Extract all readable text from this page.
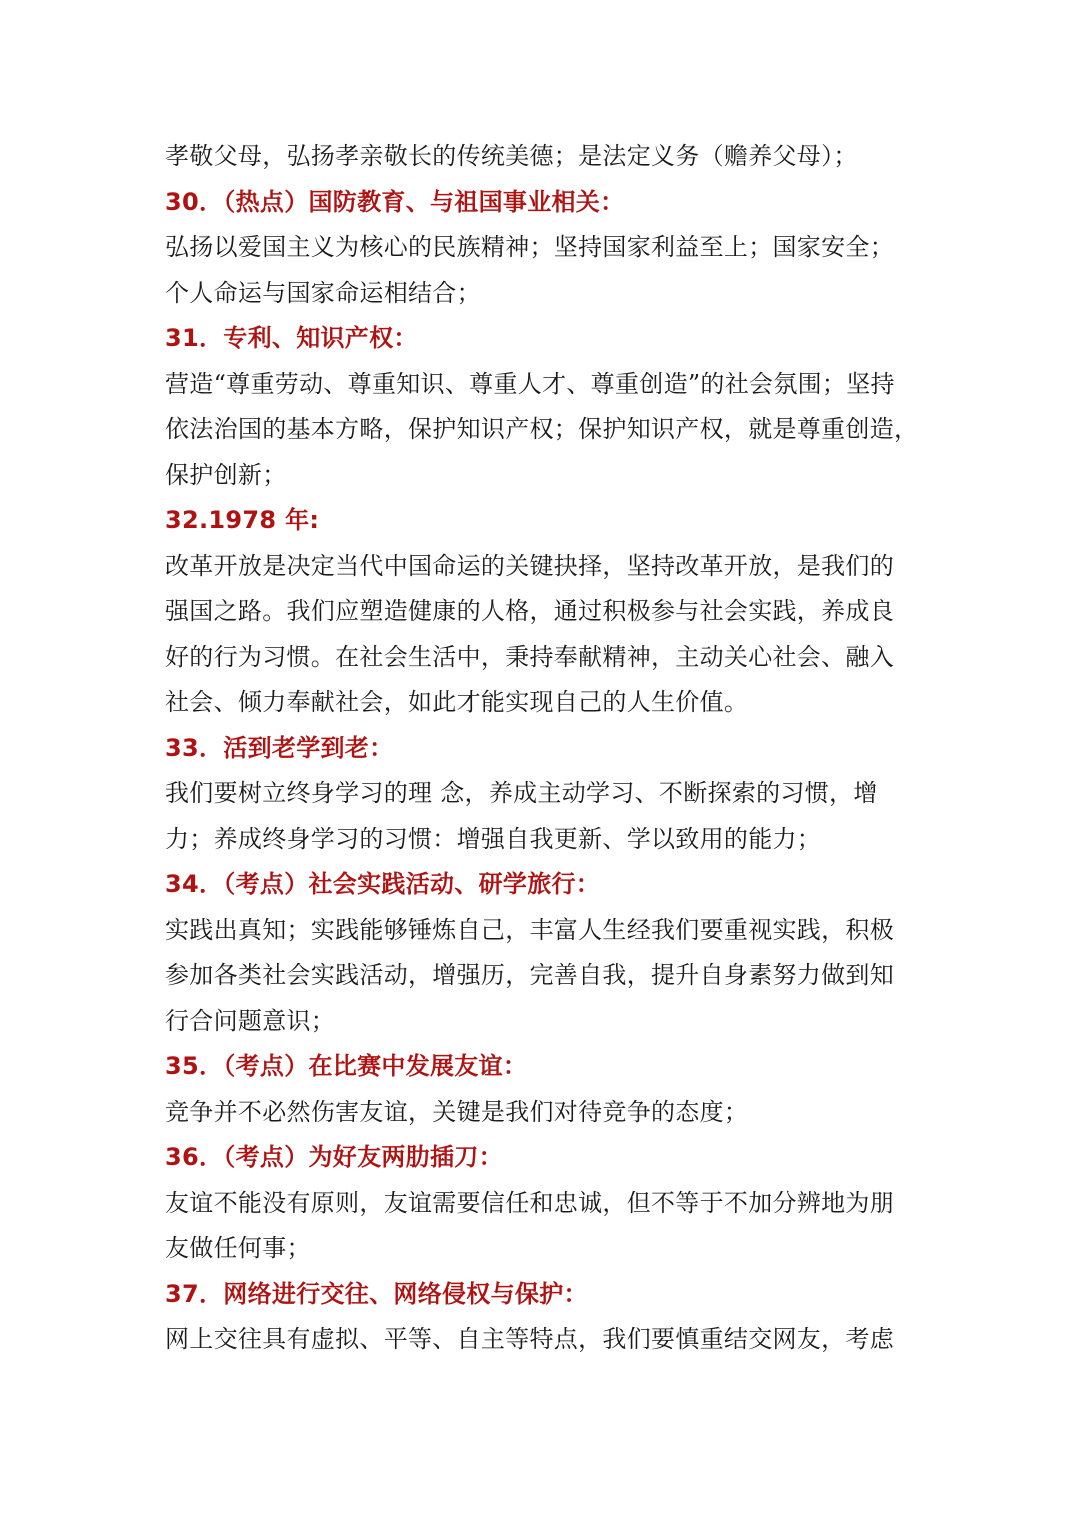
孝敬父母，弘扬孝亲敬长的传统美德；是法定义务（赡养父母）；
30．（热点）国防教育、与祖国事业相关：
弘扬以爱国主义为核心的民族精神；坚持国家利益至上；国家安全；
个人命运与国家命运相结合；
31．专利、知识产权：
营造“尊重劳动、尊重知识、尊重人才、尊重创造”的社会氛围；坚持
依法治国的基本方略，保护知识产权；保护知识产权，就是尊重创造，
保护创新；
32.1978 年:
改革开放是决定当代中国命运的关键抉择，坚持改革开放，是我们的
强国之路。我们应塑造健康的人格，通过积极参与社会实践，养成良
好的行为习惯。在社会生活中，秉持奉献精神，主动关心社会、融入
社会、倾力奉献社会，如此才能实现自己的人生价值。
33．活到老学到老：
我们要树立终身学习的理 念，养成主动学习、不断探索的习惯，增
力；养成终身学习的习惯：增强自我更新、学以致用的能力；
34．（考点）社会实践活动、研学旅行：
实践出真知；实践能够锤炼自己，丰富人生经我们要重视实践，积极
参加各类社会实践活动，增强历，完善自我，提升自身素努力做到知
行合问题意识；
35．（考点）在比赛中发展友谊：
竞争并不必然伤害友谊，关键是我们对待竞争的态度；
36．（考点）为好友两肋插刀：
友谊不能没有原则，友谊需要信任和忠诚，但不等于不加分辨地为朋
友做任何事；
37．网络进行交往、网络侵权与保护：
网上交往具有虚拟、平等、自主等特点，我们要慎重结交网友，考虑
